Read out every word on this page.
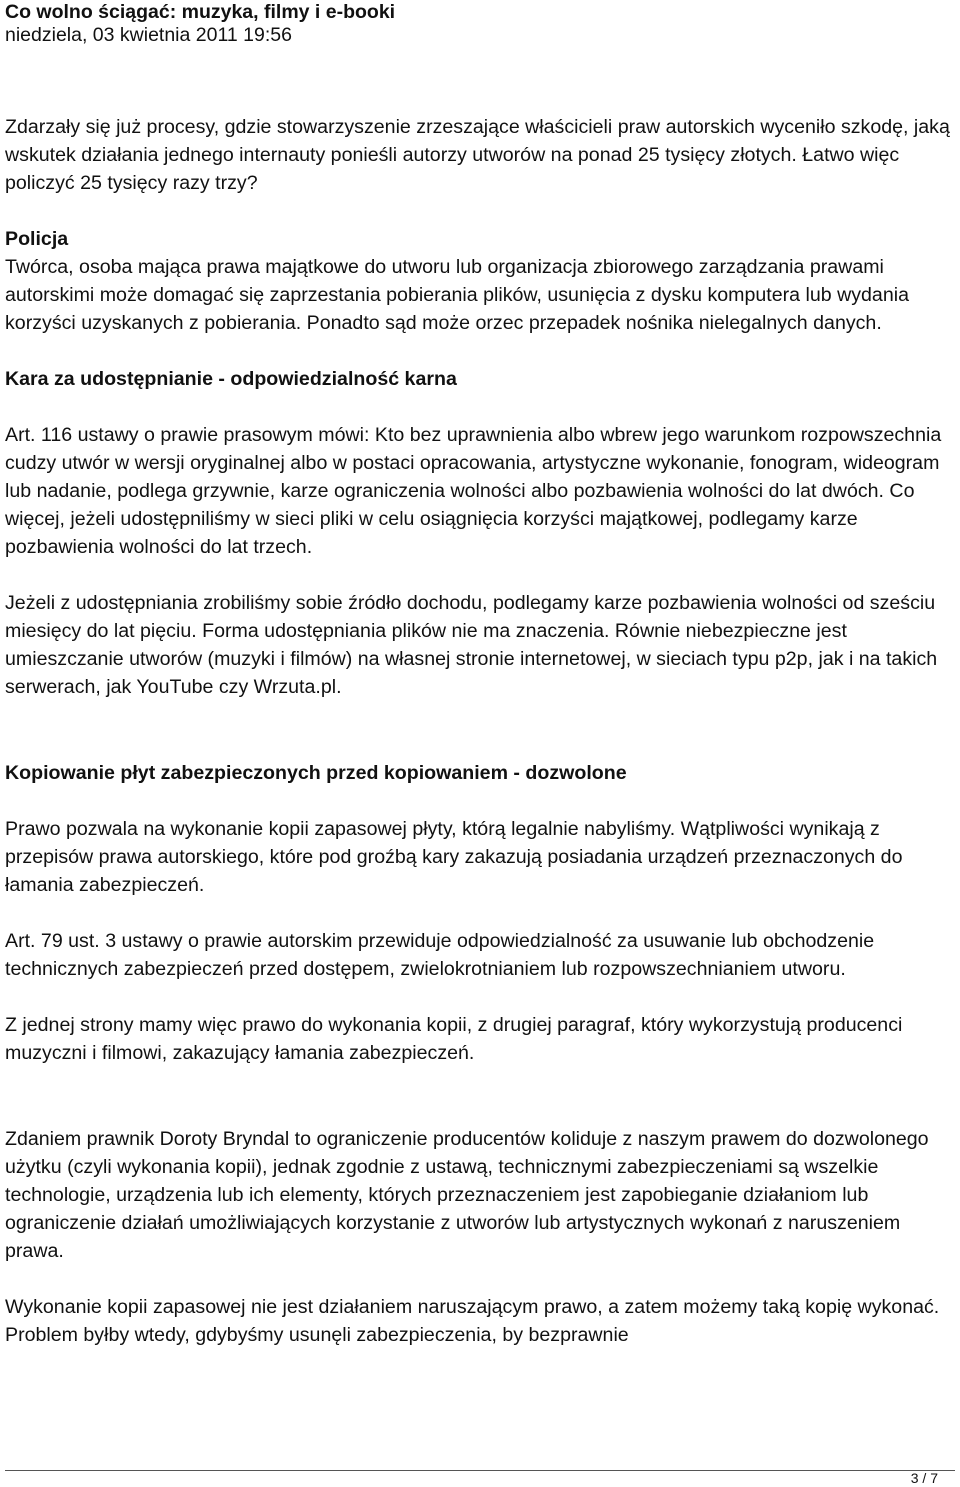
Co wolno ściągać: muzyka, filmy i e-booki
niedziela, 03 kwietnia 2011 19:56

Zdarzały się już procesy, gdzie stowarzyszenie zrzeszające właścicieli praw autorskich wyceniło szkodę, jaką wskutek działania jednego internauty ponieśli autorzy utworów na ponad 25 tysięcy złotych. Łatwo więc policzyć 25 tysięcy razy trzy?

Policja

Twórca, osoba mająca prawa majątkowe do utworu lub organizacja zbiorowego zarządzania prawami autorskimi może domagać się zaprzestania pobierania plików, usunięcia z dysku komputera lub wydania korzyści uzyskanych z pobierania. Ponadto sąd może orzec przepadek nośnika nielegalnych danych.

Kara za udostępnianie - odpowiedzialność karna

Art. 116 ustawy o prawie prasowym mówi: Kto bez uprawnienia albo wbrew jego warunkom rozpowszechnia cudzy utwór w wersji oryginalnej albo w postaci opracowania, artystyczne wykonanie, fonogram, wideogram lub nadanie, podlega grzywnie, karze ograniczenia wolności albo pozbawienia wolności do lat dwóch. Co więcej, jeżeli udostępniliśmy w sieci pliki w celu osiągnięcia korzyści majątkowej, podlegamy karze pozbawienia wolności do lat trzech.

Jeżeli z udostępniania zrobiliśmy sobie źródło dochodu, podlegamy karze pozbawienia wolności od sześciu miesięcy do lat pięciu. Forma udostępniania plików nie ma znaczenia. Równie niebezpieczne jest umieszczanie utworów (muzyki i filmów) na własnej stronie internetowej, w sieciach typu p2p, jak i na takich serwerach, jak YouTube czy Wrzuta.pl.

Kopiowanie płyt zabezpieczonych przed kopiowaniem - dozwolone

Prawo pozwala na wykonanie kopii zapasowej płyty, którą legalnie nabyliśmy. Wątpliwości wynikają z przepisów prawa autorskiego, które pod groźbą kary zakazują posiadania urządzeń przeznaczonych do łamania zabezpieczeń.

Art. 79 ust. 3 ustawy o prawie autorskim przewiduje odpowiedzialność za usuwanie lub obchodzenie technicznych zabezpieczeń przed dostępem, zwielokrotnianiem lub rozpowszechnianiem utworu.

Z jednej strony mamy więc prawo do wykonania kopii, z drugiej paragraf, który wykorzystują producenci muzyczni i filmowi, zakazujący łamania zabezpieczeń.

Zdaniem prawnik Doroty Bryndal to ograniczenie producentów koliduje z naszym prawem do dozwolonego użytku (czyli wykonania kopii), jednak zgodnie z ustawą, technicznymi zabezpieczeniami są wszelkie technologie, urządzenia lub ich elementy, których przeznaczeniem jest zapobieganie działaniom lub ograniczenie działań umożliwiających korzystanie z utworów lub artystycznych wykonań z naruszeniem prawa.

Wykonanie kopii zapasowej nie jest działaniem naruszającym prawo, a zatem możemy taką kopię wykonać. Problem byłby wtedy, gdybyśmy usunęli zabezpieczenia, by bezprawnie

3 / 7
